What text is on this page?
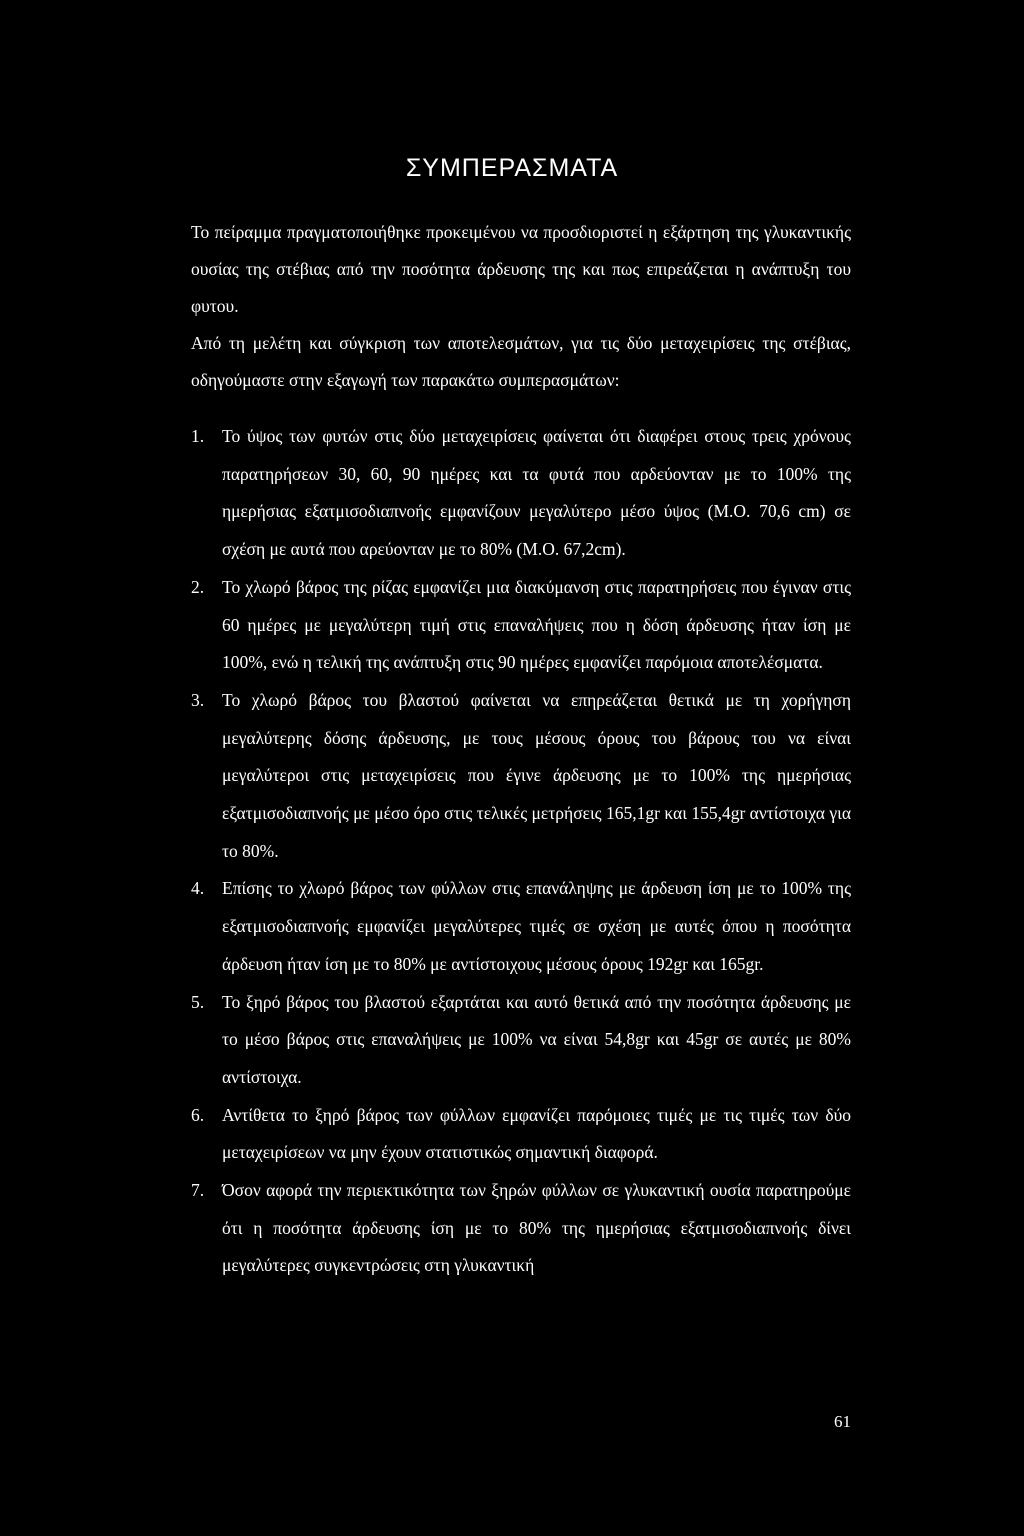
ΣΥΜΠΕΡΑΣΜΑΤΑ

Το πείραμμα πραγματοποιήθηκε προκειμένου να προσδιοριστεί η εξάρτηση της γλυκαντικής ουσίας της στέβιας από την ποσότητα άρδευσης της και πως επιρεάζεται η ανάπτυξη του φυτου.

Από τη μελέτη και σύγκριση των αποτελεσμάτων, για τις δύο μεταχειρίσεις της στέβιας, οδηγούμαστε στην εξαγωγή των παρακάτω συμπερασμάτων:

1. Το ύψος των φυτών στις δύο μεταχειρίσεις φαίνεται ότι διαφέρει στους τρεις χρόνους παρατηρήσεων 30, 60, 90 ημέρες και τα φυτά που αρδεύονταν με το 100% της ημερήσιας εξατμισοδιαπνοής εμφανίζουν μεγαλύτερο μέσο ύψος (Μ.Ο. 70,6 cm) σε σχέση με αυτά που αρεύονταν με το 80% (Μ.Ο. 67,2cm).
2. Το χλωρό βάρος της ρίζας εμφανίζει μια διακύμανση στις παρατηρήσεις που έγιναν στις 60 ημέρες με μεγαλύτερη τιμή στις επαναλήψεις που η δόση άρδευσης ήταν ίση με 100%, ενώ η τελική της ανάπτυξη στις 90 ημέρες εμφανίζει παρόμοια αποτελέσματα.
3. Το χλωρό βάρος του βλαστού φαίνεται να επηρεάζεται θετικά με τη χορήγηση μεγαλύτερης δόσης άρδευσης, με τους μέσους όρους του βάρους του να είναι μεγαλύτεροι στις μεταχειρίσεις που έγινε άρδευσης με το 100% της ημερήσιας εξατμισοδιαπνοής με μέσο όρο στις τελικές μετρήσεις 165,1gr και 155,4gr αντίστοιχα για το 80%.
4. Επίσης το χλωρό βάρος των φύλλων στις επανάληψης με άρδευση ίση με το 100% της εξατμισοδιαπνοής εμφανίζει μεγαλύτερες τιμές σε σχέση με αυτές όπου η ποσότητα άρδευση ήταν ίση με το 80% με αντίστοιχους μέσους όρους 192gr και 165gr.
5. Το ξηρό βάρος του βλαστού εξαρτάται και αυτό θετικά από την ποσότητα άρδευσης με το μέσο βάρος στις επαναλήψεις με 100% να είναι 54,8gr και 45gr σε αυτές με 80% αντίστοιχα.
6. Αντίθετα το ξηρό βάρος των φύλλων εμφανίζει παρόμοιες τιμές με τις τιμές των δύο μεταχειρίσεων να μην έχουν στατιστικώς σημαντική διαφορά.
7. Όσον αφορά την περιεκτικότητα των ξηρών φύλλων σε γλυκαντική ουσία παρατηρούμε ότι η ποσότητα άρδευσης ίση με το 80% της ημερήσιας εξατμισοδιαπνοής δίνει μεγαλύτερες συγκεντρώσεις στη γλυκαντική
61
